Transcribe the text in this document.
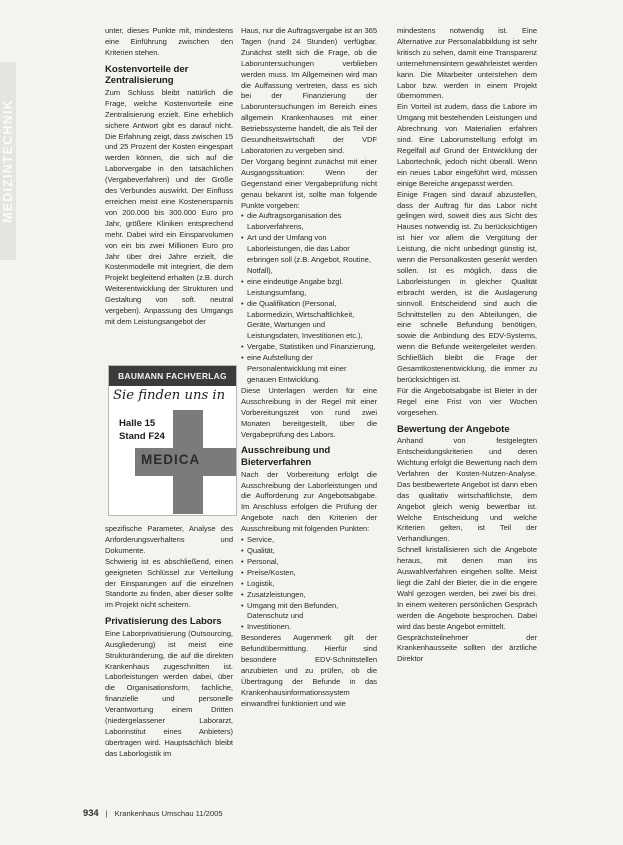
MEDIZINTECHNIK

unter, dieses Punkte mit, mindestens eine Einführung zwischen den Kriterien stehen.

Kostenvorteile der Zentralisierung

Zum Schluss bleibt natürlich die Frage, welche Kostenvorteile eine Zentralisierung erzielt. Eine erheblich sichere Antwort gibt es darauf nicht. Die Erfahrung zeigt, dass zwischen 15 und 25 Prozent der Kosten eingespart werden können, die sich auf die Laborvergabe in den tatsächlichen (Vergabeverfahren) und der Größe des Verbundes auswirkt. Der Einfluss erreichen meist eine Kostenersparnis von 200.000 bis 300.000 Euro pro Jahr, größere Kliniken entsprechend mehr. Dabei wird ein Einsparvolumen von ein bis zwei Millionen Euro pro Jahr über drei Jahre erzielt, die Kostenmodelle mit integriert, die dem Projekt begleitend erhalten (z.B. durch Weiterentwicklung der Strukturen und Gestaltung von soft. neutral vergeben). Anpassung des Umgangs mit dem Leistungsangebot der

BAUMANN FACHVERLAG
Sie finden uns in
Halle 15
Stand F24
MEDICA

spezifische Parameter, Analyse des Anforderungsverhaltens und Dokumente.

Schwierig ist es abschließend, einen geeigneten Schlüssel zur Verteilung der Einsparungen auf die einzelnen Standorte zu finden, aber dieser sollte im Projekt nicht scheitern.

Privatisierung des Labors

Eine Laborprivatisierung (Outsourcing, Ausgliederung) ist meist eine Strukturänderung, die auf die direkten Krankenhaus zugeschnitten ist. Laborleistungen werden dabei, über die Organisationsform, fachliche, finanzielle und personelle Verantwortung einem Dritten (niedergelassener Laborarzt, Laborinstitut eines Anbieters) übertragen wird. Hauptsächlich bleibt das Laborlogistik im

Haus, nur die Auftragsvergabe ist an 365 Tagen (rund 24 Stunden) verfügbar. Zunächst stellt sich die Frage, ob die Laboruntersuchungen verblieben werden muss. Im Allgemeinen wird man die Auffassung vertreten, dass es sich bei der Finanzierung der Laboruntersuchungen im Bereich eines allgemein Krankenhauses mit einer Betriebssysteme handelt, die als Teil der Gesundheitswirtschaft der VDF Laboratorien zu vergeben sind.

Der Vorgang beginnt zunächst mit einer Ausgangssituation: Wenn der Gegenstand einer Vergabeprüfung nicht genau bekannt ist, sollte man folgende Punkte vorgeben:

• die Auftragsorganisation des Laborverfahrens,
• Art und der Umfang von Laborleistungen, die das Labor erbringen soll (z.B. Angebot, Routine, Notfall),
• eine eindeutige Angabe bzgl. Leistungsumfang,
• die Qualifikation (Personal, Labormedizin, Wirtschaftlichkeit, Geräte, Wartungen und Leistungsdaten, Investitionen etc.),
• Vergabe, Statistiken und Finanzierung,
• eine Aufstellung der Personalentwicklung mit einer genauen Entwicklung.

Diese Unterlagen werden für eine Ausschreibung in der Regel mit einer Vorbereitungszeit von rund zwei Monaten bereitgestellt, über die Vergabeprüfung des Labors.

Ausschreibung und Bieterverfahren

Nach der Vorbereitung erfolgt die Ausschreibung der Laborleistungen und die Aufforderung zur Angebotsabgabe. Im Anschluss erfolgen die Prüfung der Angebote nach den Kriterien der Ausschreibung mit folgenden Punkten:

• Service,
• Qualität,
• Personal,
• Preise/Kosten,
• Logistik,
• Zusatzleistungen,
• Umgang mit den Befunden, Datenschutz und
• Investitionen.

Besonderes Augenmerk gilt der Befundübermittlung. Hierfür sind besondere EDV-Schnittstellen anzubieten und zu prüfen, ob die Übertragung der Befunde in das Krankenhausinformationssystem einwandfrei funktioniert und wie

mindestens notwendig ist. Eine Alternative zur Personalabbildung ist sehr kritisch zu sehen, damit eine Transparenz unternehmensintern gewährleistet werden kann. Die Mitarbeiter unterstehen dem Labor bzw. werden in einem Projekt übernommen.

Ein Vorteil ist zudem, dass die Labore im Umgang mit bestehenden Leistungen und Abrechnung von Materialien erfahren sind. Eine Laborumstellung erfolgt im Regelfall auf Grund der Entwicklung der Labortechnik, jedoch nicht überall. Wenn ein neues Labor eingeführt wird, müssen einige Bereiche angepasst werden.

Einige Fragen sind darauf abzustellen, dass der Auftrag für das Labor nicht gelingen wird, soweit dies aus Sicht des Hauses notwendig ist. Zu berücksichtigen ist hier vor allem die Vergütung der Leistung, die nicht unbedingt günstig ist, wenn die Personalkosten gesenkt werden sollen. Ist es möglich, dass die Laborleistungen in gleicher Qualität erbracht werden, ist die Auslagerung sinnvoll. Entscheidend sind auch die Schnittstellen zu den Abteilungen, die eine schnelle Befundung benötigen, sowie die Anbindung des EDV-Systems, wenn die Befunde weitergeleitet werden. Schließlich bleibt die Frage der Gesamtkostenentwicklung, die immer zu berücksichtigen ist.

Für die Angebotsabgabe ist Bieter in der Regel eine Frist von vier Wochen vorgesehen.

Bewertung der Angebote

Anhand von festgelegten Entscheidungskriterien und deren Wichtung erfolgt die Bewertung nach dem Verfahren der Kosten-Nutzen-Analyse. Das bestbewertete Angebot ist dann eben das qualitativ wirtschaftlichste, dem Angebot gleich wenig bewertbar ist. Welche Entscheidung und welche Kriterien gelten, ist Teil der Verhandlungen.

Schnell kristallisieren sich die Angebote heraus, mit denen man ins Auswahlverfahren eingehen sollte. Meist liegt die Zahl der Bieter, die in die engere Wahl gezogen werden, bei zwei bis drei. In einem weiteren persönlichen Gespräch werden die Angebote besprochen. Dabei wird das beste Angebot ermittelt.

Gesprächsteilnehmer der Krankenhausseite sollten der ärztliche Direktor

934 | Krankenhaus Umschau 11/2005
